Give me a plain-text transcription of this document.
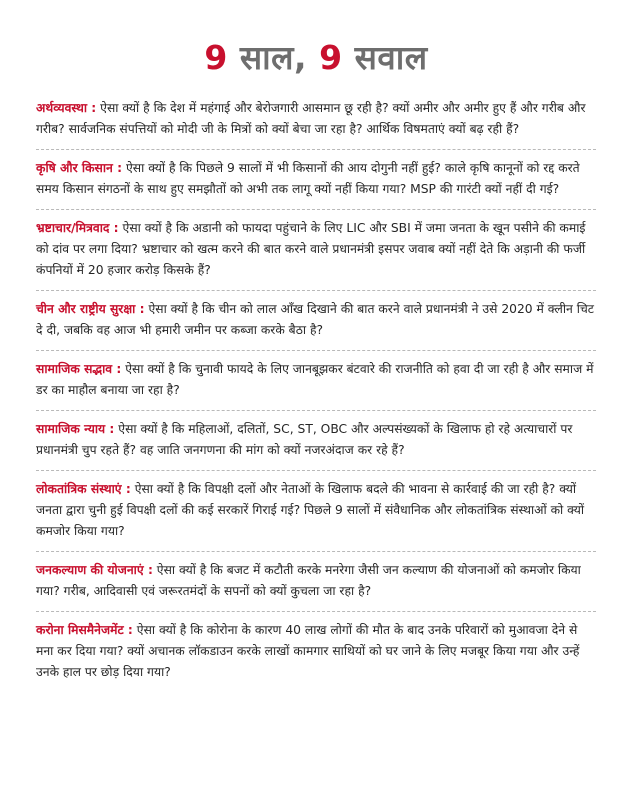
9 साल, 9 सवाल

अर्थव्यवस्था : ऐसा क्यों है कि देश में महंगाई और बेरोजगारी आसमान छू रही है? क्यों अमीर और अमीर हुए हैं और गरीब और गरीब? सार्वजनिक संपत्तियों को मोदी जी के मित्रों को क्यों बेचा जा रहा है? आर्थिक विषमताएं क्यों बढ़ रही हैं?

कृषि और किसान : ऐसा क्यों है कि पिछले 9 सालों में भी किसानों की आय दोगुनी नहीं हुई? काले कृषि कानूनों को रद्द करते समय किसान संगठनों के साथ हुए समझौतों को अभी तक लागू क्यों नहीं किया गया? MSP की गारंटी क्यों नहीं दी गई?

भ्रष्टाचार/मित्रवाद : ऐसा क्यों है कि अडानी को फायदा पहुंचाने के लिए LIC और SBI में जमा जनता के खून पसीने की कमाई को दांव पर लगा दिया? भ्रष्टाचार को खत्म करने की बात करने वाले प्रधानमंत्री इसपर जवाब क्यों नहीं देते कि अड़ानी की फर्जी कंपनियों में 20 हजार करोड़ किसके हैं?

चीन और राष्ट्रीय सुरक्षा : ऐसा क्यों है कि चीन को लाल आँख दिखाने की बात करने वाले प्रधानमंत्री ने उसे 2020 में क्लीन चिट दे दी, जबकि वह आज भी हमारी जमीन पर कब्जा करके बैठा है?

सामाजिक सद्भाव : ऐसा क्यों है कि चुनावी फायदे के लिए जानबूझकर बंटवारे की राजनीति को हवा दी जा रही है और समाज में डर का माहौल बनाया जा रहा है?

सामाजिक न्याय : ऐसा क्यों है कि महिलाओं, दलितों, SC, ST, OBC और अल्पसंख्यकों के खिलाफ हो रहे अत्याचारों पर प्रधानमंत्री चुप रहते हैं? वह जाति जनगणना की मांग को क्यों नजरअंदाज कर रहे हैं?

लोकतांत्रिक संस्थाएं : ऐसा क्यों है कि विपक्षी दलों और नेताओं के खिलाफ बदले की भावना से कार्रवाई की जा रही है? क्यों जनता द्वारा चुनी हुई विपक्षी दलों की कई सरकारें गिराई गई? पिछले 9 सालों में संवैधानिक और लोकतांत्रिक संस्थाओं को क्यों कमजोर किया गया?

जनकल्याण की योजनाएं : ऐसा क्यों है कि बजट में कटौती करके मनरेगा जैसी जन कल्याण की योजनाओं को कमजोर किया गया? गरीब, आदिवासी एवं जरूरतमंदों के सपनों को क्यों कुचला जा रहा है?

करोना मिसमैनेजमेंट : ऐसा क्यों है कि कोरोना के कारण 40 लाख लोगों की मौत के बाद उनके परिवारों को मुआवजा देने से मना कर दिया गया? क्यों अचानक लॉकडाउन करके लाखों कामगार साथियों को घर जाने के लिए मजबूर किया गया और उन्हें उनके हाल पर छोड़ दिया गया?
